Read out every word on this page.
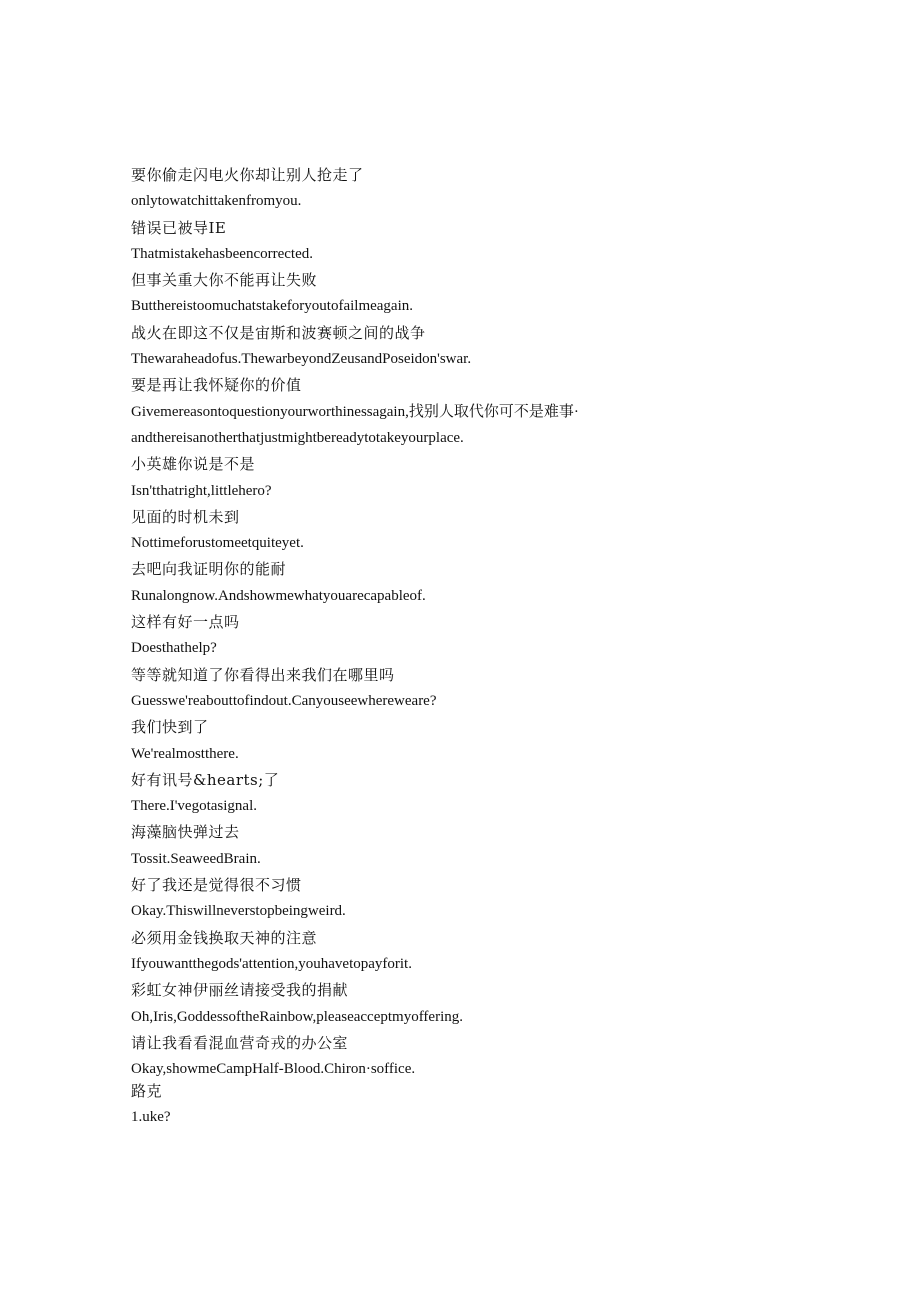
要你偷走闪电火你却让别人抢走了
onlytowatchittakenfromyou.
错误已被导IE
Thatmistakehasbeencorrected.
但事关重大你不能再让失败
Butthereistoomuchatstakeforyoutofailmeagain.
战火在即这不仅是宙斯和波赛顿之间的战争
Thewaraheadofus.ThewarbeyondZeusandPoseidon'swar.
要是再让我怀疑你的价值
Givemereasontoquestionyourworthinessagain,找别人取代你可不是难事·
andthereisanotherthatjustmightbereadytotakeyourplace.
小英雄你说是不是
Isn'tthatright,littlehero?
见面的时机未到
Nottimeforustomeetquiteyet.
去吧向我证明你的能耐
Runalongnow.Andshowmewhatyouarecapableof.
这样有好一点吗
Doesthathelp?
等等就知道了你看得出来我们在哪里吗
Guesswe'reabouttofindout.Canyouseewhereweare?
我们快到了
We'realmostthere.
好有讯号&hearts;了
There.I'vegotasignal.
海藻脑快弹过去
Tossit.SeaweedBrain.
好了我还是觉得很不习惯
Okay.Thiswillneverstopbeingweird.
必须用金钱换取天神的注意
Ifyouwantthegods'attention,youhavetopayforit.
彩虹女神伊丽丝请接受我的捐献
Oh,Iris,GoddessoftheRainbow,pleaseacceptmyoffering.
请让我看看混血营奇戎的办公室
Okay,showmeCampHalf-Blood.Chiron·soffice.
路克
1.uke?
